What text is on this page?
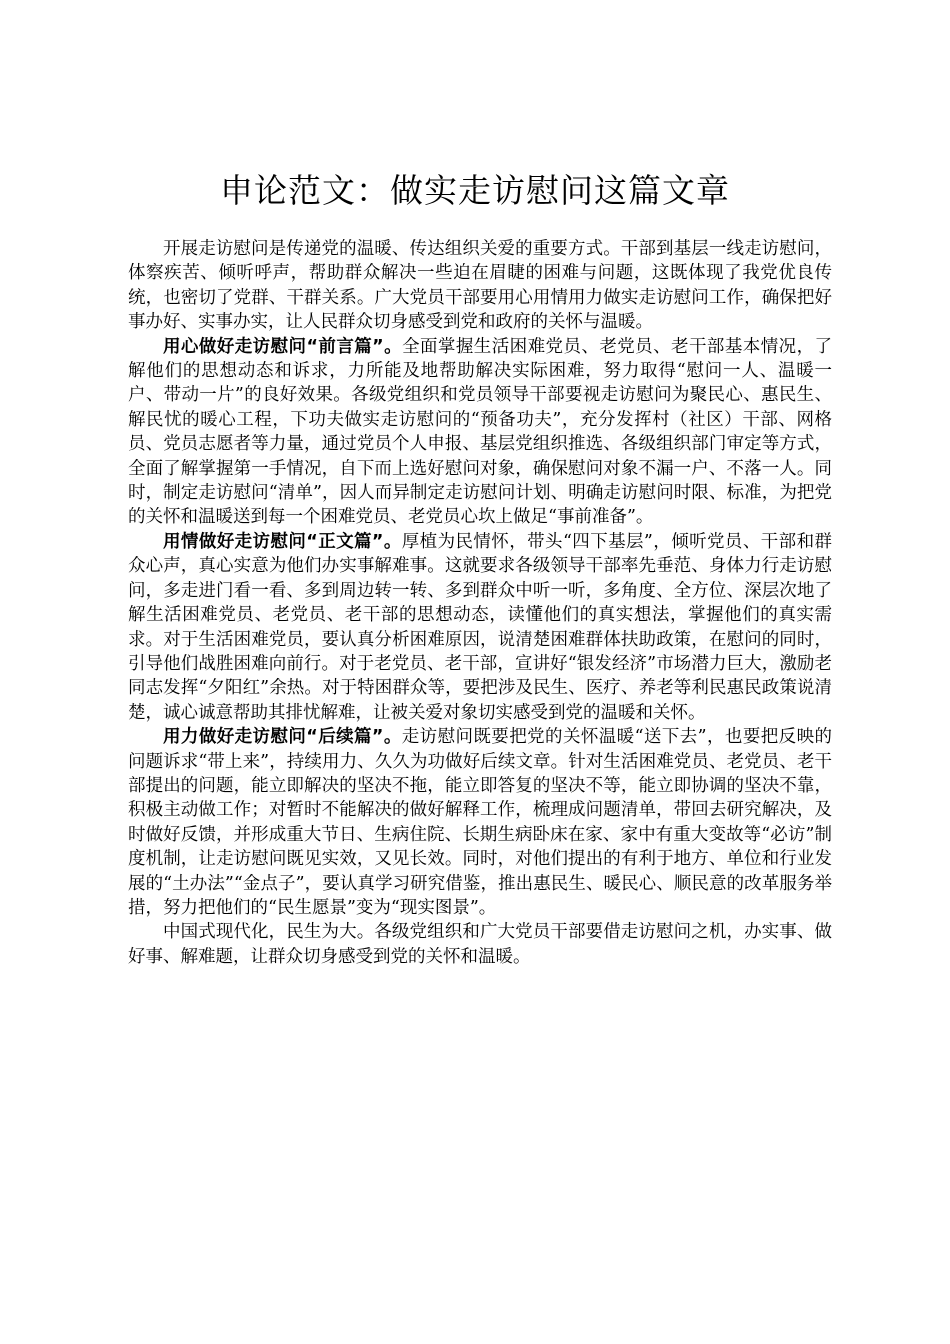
申论范文：做实走访慰问这篇文章

开展走访慰问是传递党的温暖、传达组织关爱的重要方式。干部到基层一线走访慰问，体察疾苦、倾听呼声，帮助群众解决一些迫在眉睫的困难与问题，这既体现了我党优良传统，也密切了党群、干群关系。广大党员干部要用心用情用力做实走访慰问工作，确保把好事办好、实事办实，让人民群众切身感受到党和政府的关怀与温暖。

用心做好走访慰问“前言篇”。全面掌握生活困难党员、老党员、老干部基本情况，了解他们的思想动态和诉求，力所能及地帮助解决实际困难，努力取得“慰问一人、温暖一户、带动一片”的良好效果。各级党组织和党员领导干部要视走访慰问为聚民心、惠民生、解民忧的暖心工程，下功夫做实走访慰问的“预备功夫”，充分发挥村（社区）干部、网格员、党员志愿者等力量，通过党员个人申报、基层党组织推选、各级组织部门审定等方式，全面了解掌握第一手情况，自下而上选好慰问对象，确保慰问对象不漏一户、不落一人。同时，制定走访慰问“清单”，因人而异制定走访慰问计划、明确走访慰问时限、标准，为把党的关怀和温暖送到每一个困难党员、老党员心坎上做足“事前准备”。

用情做好走访慰问“正文篇”。厚植为民情怀，带头“四下基层”，倾听党员、干部和群众心声，真心实意为他们办实事解难事。这就要求各级领导干部率先垂范、身体力行走访慰问，多走进门看一看、多到周边转一转、多到群众中听一听，多角度、全方位、深层次地了解生活困难党员、老党员、老干部的思想动态，读懂他们的真实想法，掌握他们的真实需求。对于生活困难党员，要认真分析困难原因，说清楚困难群体扶助政策，在慰问的同时，引导他们战胜困难向前行。对于老党员、老干部，宣讲好“银发经济”市场潜力巨大，激励老同志发挥“夕阳红”余热。对于特困群众等，要把涉及民生、医疗、养老等利民惠民政策说清楚，诚心诚意帮助其排忧解难，让被关爱对象切实感受到党的温暖和关怀。

用力做好走访慰问“后续篇”。走访慰问既要把党的关怀温暖“送下去”，也要把反映的问题诉求“带上来”，持续用力、久久为功做好后续文章。针对生活困难党员、老党员、老干部提出的问题，能立即解决的坚决不拖，能立即答复的坚决不等，能立即协调的坚决不靠，积极主动做工作；对暂时不能解决的做好解释工作，梳理成问题清单，带回去研究解决，及时做好反馈，并形成重大节日、生病住院、长期生病卧床在家、家中有重大变故等“必访”制度机制，让走访慰问既见实效，又见长效。同时，对他们提出的有利于地方、单位和行业发展的“土办法”“金点子”，要认真学习研究借鉴，推出惠民生、暖民心、顺民意的改革服务举措，努力把他们的“民生愿景”变为“现实图景”。

中国式现代化，民生为大。各级党组织和广大党员干部要借走访慰问之机，办实事、做好事、解难题，让群众切身感受到党的关怀和温暖。
